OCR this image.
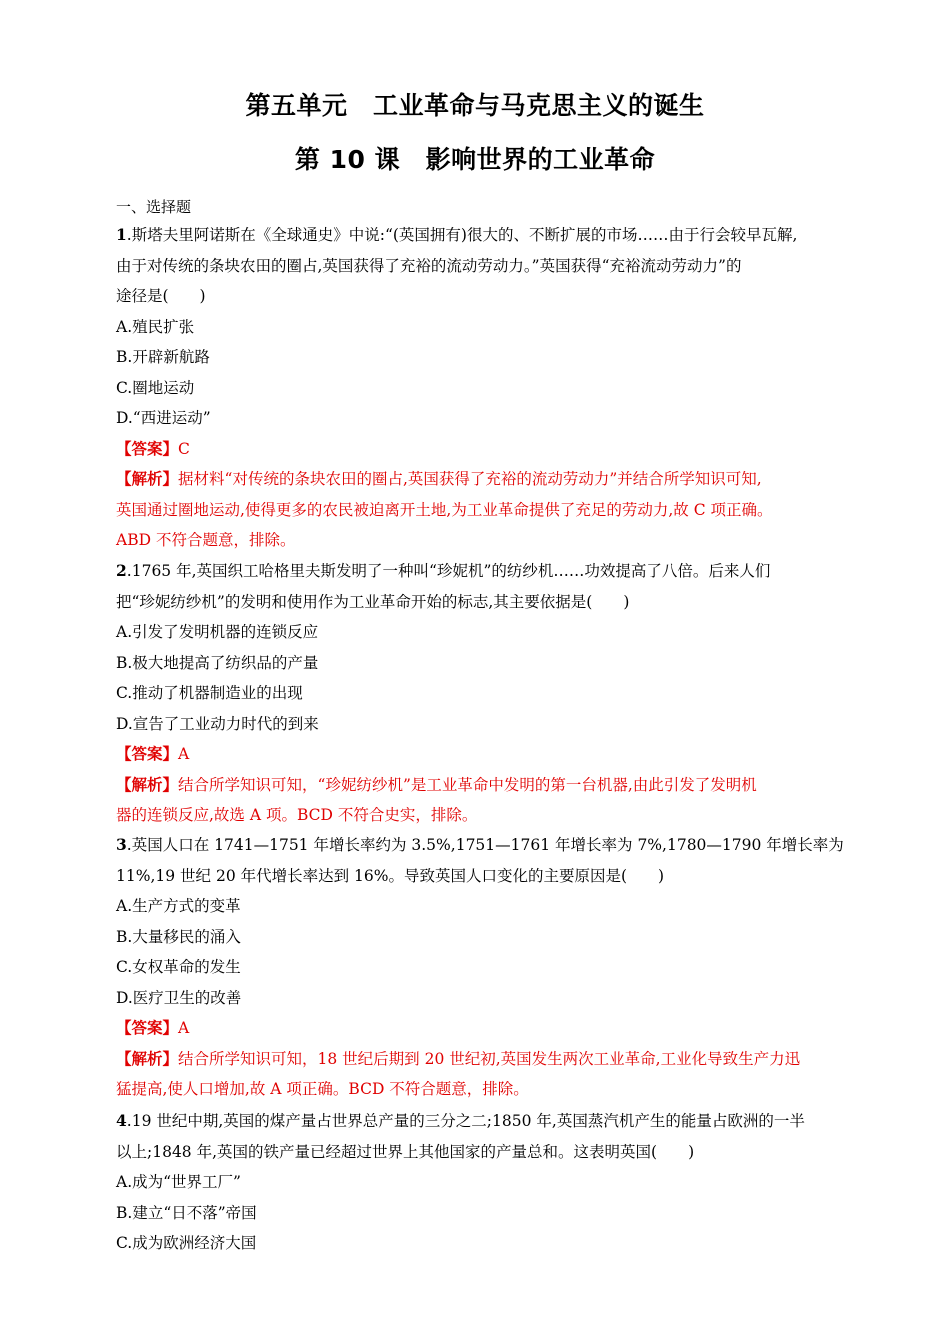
第五单元　工业革命与马克思主义的诞生
第 10 课　影响世界的工业革命
一、选择题
1.斯塔夫里阿诺斯在《全球通史》中说:“(英国拥有)很大的、不断扩展的市场……由于行会较早瓦解,
由于对传统的条块农田的圈占,英国获得了充裕的流动劳动力。”英国获得“充裕流动劳动力”的
途径是(　　)
A.殖民扩张
B.开辟新航路
C.圈地运动
D.“西进运动”
【答案】C
【解析】据材料“对传统的条块农田的圈占,英国获得了充裕的流动劳动力”并结合所学知识可知,
英国通过圈地运动,使得更多的农民被迫离开土地,为工业革命提供了充足的劳动力,故 C 项正确。
ABD 不符合题意，排除。
2.1765 年,英国织工哈格里夫斯发明了一种叫“珍妮机”的纺纱机……功效提高了八倍。后来人们
把“珍妮纺纱机”的发明和使用作为工业革命开始的标志,其主要依据是(　　)
A.引发了发明机器的连锁反应
B.极大地提高了纺织品的产量
C.推动了机器制造业的出现
D.宣告了工业动力时代的到来
【答案】A
【解析】结合所学知识可知，“珍妮纺纱机”是工业革命中发明的第一台机器,由此引发了发明机
器的连锁反应,故选 A 项。BCD 不符合史实，排除。
3.英国人口在 1741—1751 年增长率约为 3.5%,1751—1761 年增长率为 7%,1780—1790 年增长率为
11%,19 世纪 20 年代增长率达到 16%。导致英国人口变化的主要原因是(　　)
A.生产方式的变革
B.大量移民的涌入
C.女权革命的发生
D.医疗卫生的改善
【答案】A
【解析】结合所学知识可知，18 世纪后期到 20 世纪初,英国发生两次工业革命,工业化导致生产力迅
猛提高,使人口增加,故 A 项正确。BCD 不符合题意，排除。
4.19 世纪中期,英国的煤产量占世界总产量的三分之二;1850 年,英国蒸汽机产生的能量占欧洲的一半
以上;1848 年,英国的铁产量已经超过世界上其他国家的产量总和。这表明英国(　　)
A.成为“世界工厂”
B.建立“日不落”帝国
C.成为欧洲经济大国
